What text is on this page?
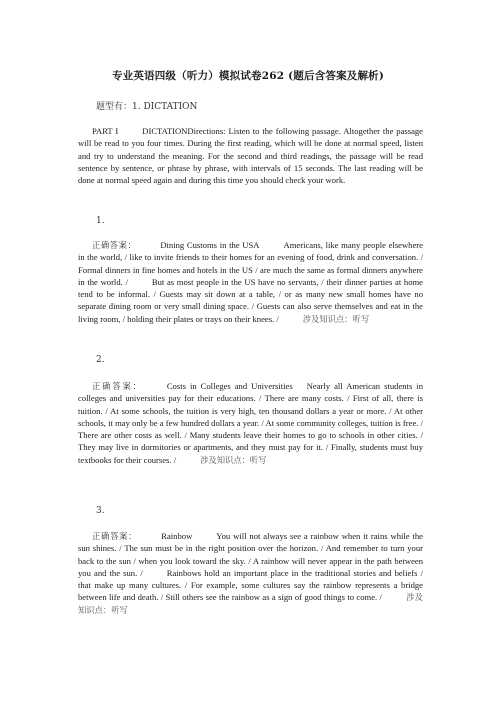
专业英语四级（听力）模拟试卷262 (题后含答案及解析)
题型有：1. DICTATION
PART I	DICTATIONDirections: Listen to the following passage. Altogether the passage will be read to you four times. During the first reading, which will be done at normal speed, listen and try to understand the meaning. For the second and third readings, the passage will be read sentence by sentence, or phrase by phrase, with intervals of 15 seconds. The last reading will be done at normal speed again and during this time you should check your work.
1.
正确答案：	Dining Customs in the USA	Americans, like many people elsewhere in the world, / like to invite friends to their homes for an evening of food, drink and conversation. / Formal dinners in fine homes and hotels in the US / are much the same as formal dinners anywhere in the world. /	But as most people in the US have no servants, / their dinner parties at home tend to be informal. / Guests may sit down at a table, / or as many new small homes have no separate dining room or very small dining space. / Guests can also serve themselves and eat in the living room, / holding their plates or trays on their knees. /	涉及知识点：听写
2.
正确答案：	Costs in Colleges and Universities Nearly all American students in colleges and universities pay for their educations. / There are many costs. / First of all, there is tuition. / At some schools, the tuition is very high, ten thousand dollars a year or more. / At other schools, it may only be a few hundred dollars a year. / At some community colleges, tuition is free. / There are other costs as well. / Many students leave their homes to go to schools in other cities. / They may live in dormitories or apartments, and they must pay for it. / Finally, students must buy textbooks for their courses. /	涉及知识点：听写
3.
正确答案：	Rainbow	You will not always see a rainbow when it rains while the sun shines. / The sun must be in the right position over the horizon. / And remember to turn your back to the sun / when you look toward the sky. / A rainbow will never appear in the path between you and the sun. /	Rainbows hold an important place in the traditional stories and beliefs / that make up many cultures. / For example, some cultures say the rainbow represents a bridge between life and death. / Still others see the rainbow as a sign of good things to come. /	涉及知识点：听写
